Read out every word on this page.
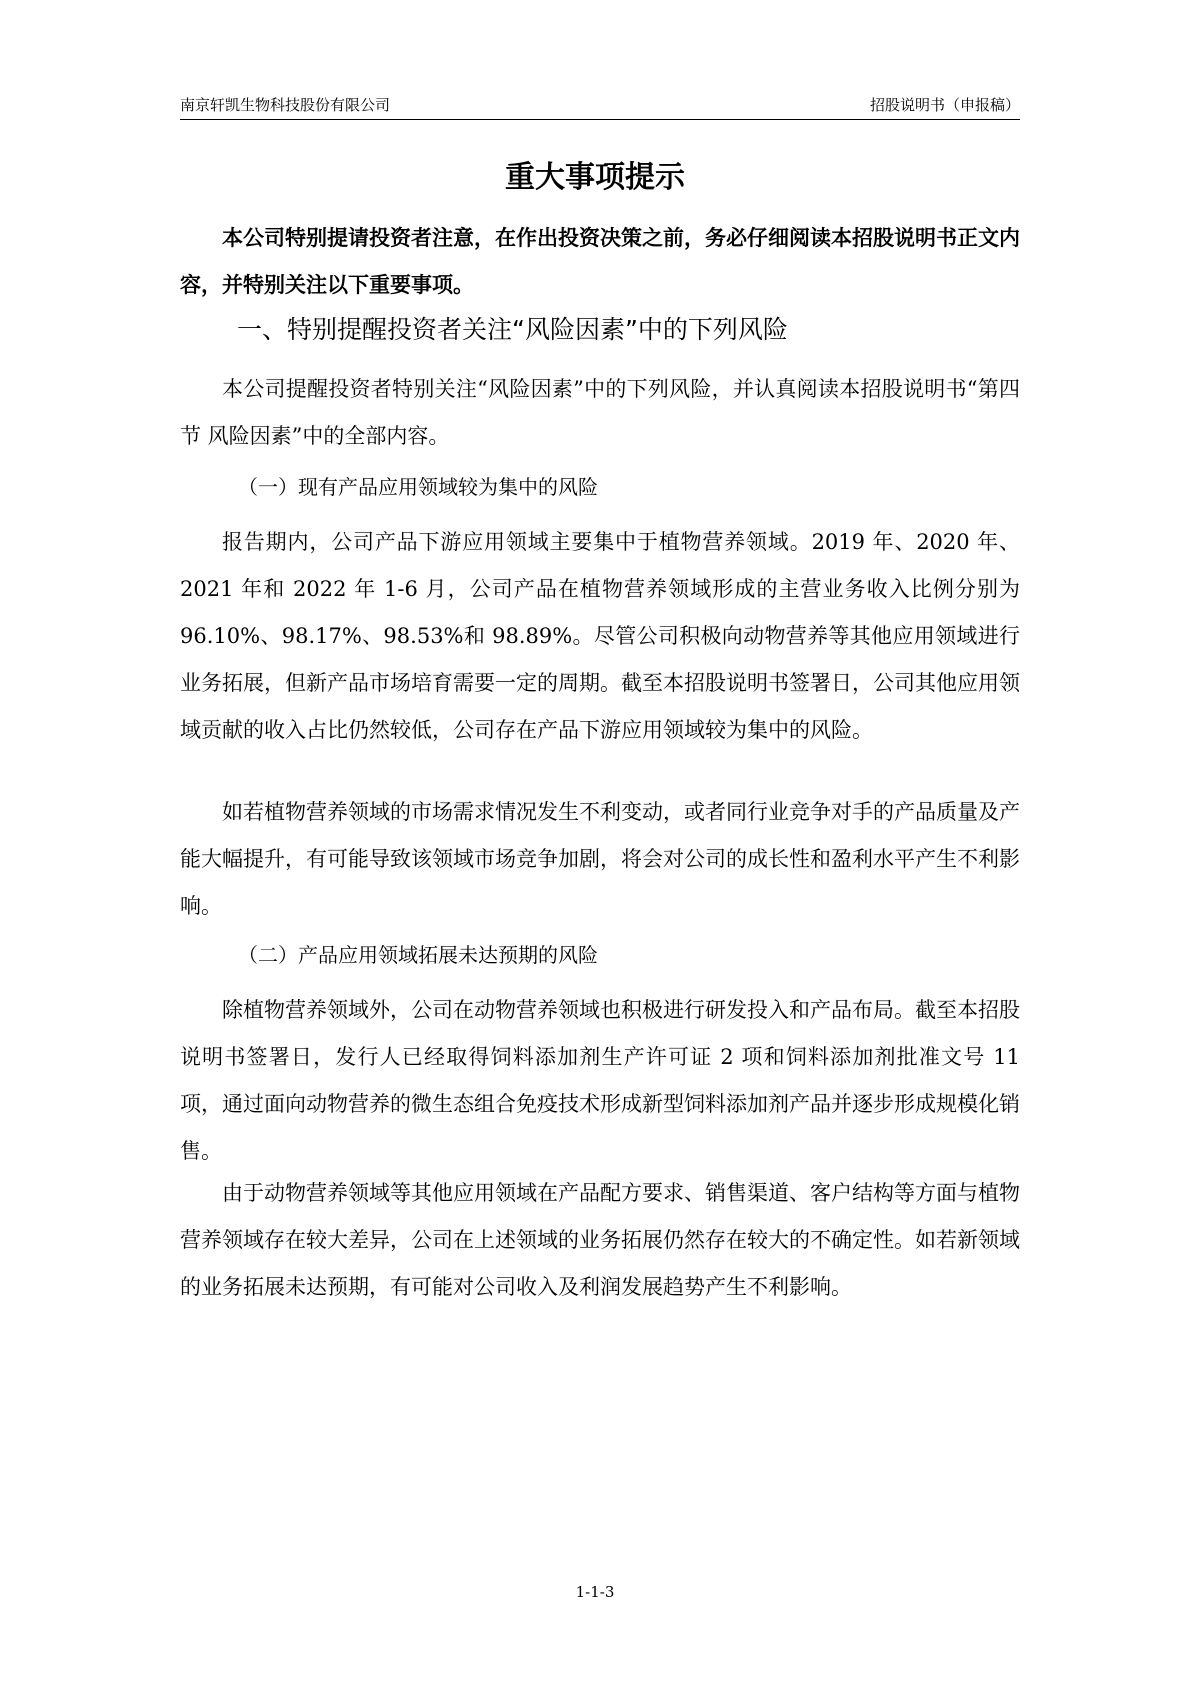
南京轩凯生物科技股份有限公司	招股说明书（申报稿）
重大事项提示
本公司特别提请投资者注意，在作出投资决策之前，务必仔细阅读本招股说明书正文内容，并特别关注以下重要事项。
一、特别提醒投资者关注“风险因素”中的下列风险
本公司提醒投资者特别关注“风险因素”中的下列风险，并认真阅读本招股说明书“第四节 风险因素”中的全部内容。
（一）现有产品应用领域较为集中的风险
报告期内，公司产品下游应用领域主要集中于植物营养领域。2019 年、2020 年、2021 年和 2022 年 1-6 月，公司产品在植物营养领域形成的主营业务收入比例分别为 96.10%、98.17%、98.53%和 98.89%。尽管公司积极向动物营养等其他应用领域进行业务拓展，但新产品市场培育需要一定的周期。截至本招股说明书签署日，公司其他应用领域贡献的收入占比仍然较低，公司存在产品下游应用领域较为集中的风险。
如若植物营养领域的市场需求情况发生不利变动，或者同行业竞争对手的产品质量及产能大幅提升，有可能导致该领域市场竞争加剧，将会对公司的成长性和盈利水平产生不利影响。
（二）产品应用领域拓展未达预期的风险
除植物营养领域外，公司在动物营养领域也积极进行研发投入和产品布局。截至本招股说明书签署日，发行人已经取得饲料添加剂生产许可证 2 项和饲料添加剂批准文号 11 项，通过面向动物营养的微生态组合免疫技术形成新型饲料添加剂产品并逐步形成规模化销售。
由于动物营养领域等其他应用领域在产品配方要求、销售渠道、客户结构等方面与植物营养领域存在较大差异，公司在上述领域的业务拓展仍然存在较大的不确定性。如若新领域的业务拓展未达预期，有可能对公司收入及利润发展趋势产生不利影响。
1-1-3
